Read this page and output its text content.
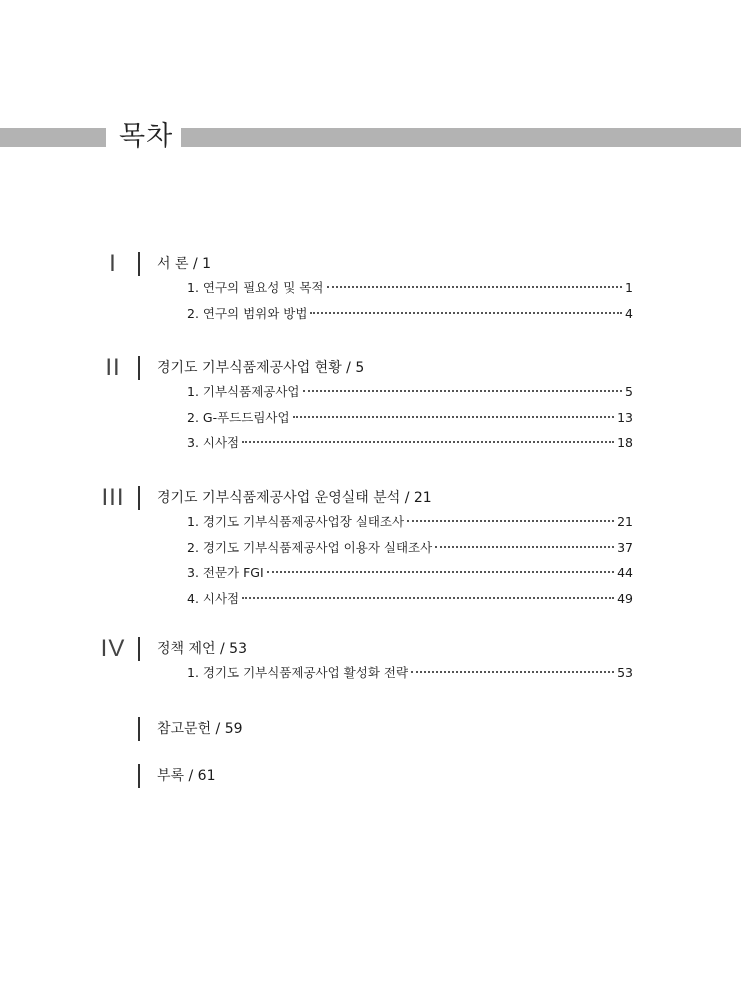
목차
I	서 론 / 1
1. 연구의 필요성 및 목적	1
2. 연구의 범위와 방법	4
II	경기도 기부식품제공사업 현황 / 5
1. 기부식품제공사업	5
2. G-푸드드림사업	13
3. 시사점	18
III 경기도 기부식품제공사업 운영실태 분석 / 21
1. 경기도 기부식품제공사업장 실태조사	21
2. 경기도 기부식품제공사업 이용자 실태조사	37
3. 전문가 FGI	44
4. 시사점	49
IV 정책 제언 / 53
1. 경기도 기부식품제공사업 활성화 전략	53
참고문헌 / 59
부록 / 61
